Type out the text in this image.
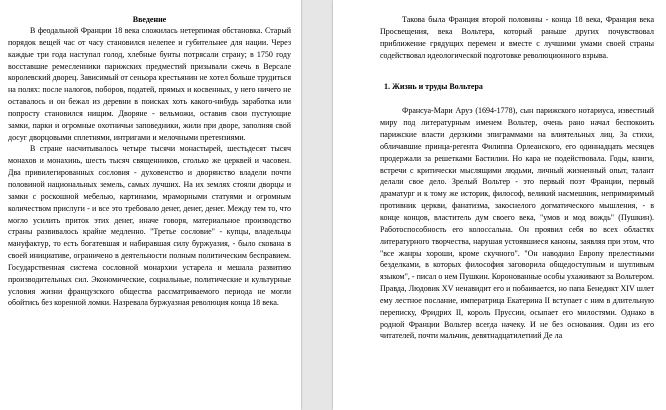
Введение

В феодальной Франции 18 века сложилась нетерпимая обстановка. Старый порядок вещей час от часу становился нелепее и губительнее для нации. Через каждые три года наступал голод, хлебные бунты потрясали страну; в 1750 году восставшие ремесленники парижских предместий призывали сжечь в Версале королевский дворец. Зависимый от сеньора крестьянин не хотел больше трудиться на полях: после налогов, поборов, податей, прямых и косвенных, у него ничего не оставалось и он бежал из деревни в поисках хоть какого-нибудь заработка или попросту становился нищим. Дворяне - вельможи, оставив свои пустующие замки, парки и огромные охотничьи заповедники, жили при дворе, заполняя свой досуг дворцовыми сплетнями, интригами и мелочными претензиями.

В стране насчитывалось четыре тысячи монастырей, шестьдесят тысяч монахов и монахинь, шесть тысяч священников, столько же церквей и часовен. Два привилегированных сословия - духовенство и дворянство владели почти половиной национальных земель, самых лучших. На их землях стояли дворцы и замки с роскошной мебелью, картинами, мраморными статуями и огромным количеством прислуги - и все это требовало денег, денег, денег. Между тем то, что могло усилить приток этих денег, иначе говоря, материальное производство страны развивалось крайне медленно. "Третье сословие" - купцы, владельцы мануфактур, то есть богатевшая и набиравшая силу буржуазия, - было скована в своей инициативе, ограничено в деятельности полным политическим бесправием. Государственная система сословной монархии устарела и мешала развитию производительных сил. Экономические, социальные, политические и культурные условия жизни французского общества рассматриваемого периода не могли обойтись без коренной ломки. Назревала буржуазная революция конца 18 века.

Такова была Франция второй половины - конца 18 века, Франция века Просвещения, века Вольтера, который раньше других почувствовал приближение грядущих перемен и вместе с лучшими умами своей страны содействовал идеологической подготовке революционного взрыва.

1. Жизнь и труды Вольтера

Франсуа-Мари Аруэ (1694-1778), сын парижского нотариуса, известный миру под литературным именем Вольтер, очень рано начал беспокоить парижские власти дерзкими эпиграммами на влиятельных лиц. За стихи, обличавшие принца-регента Филиппа Орлеанского, его одиннадцать месяцев продержали за решетками Бастилии. Но кара не подействовала. Годы, книги, встречи с критически мыслящими людьми, личный жизненный опыт, талант делали свое дело. Зрелый Вольтер - это первый поэт Франции, первый драматург и к тому же историк, философ, великий насмешник, непримиримый противник церкви, фанатизма, закоснелого догматического мышления, - в конце концов, властитель дум своего века, "умов и мод вождь" (Пушкин). Работоспособность его колоссальна. Он проявил себя во всех областях литературного творчества, нарушая устоявшиеся каноны, заявляя при этом, что "все жанры хороши, кроме скучного". "Он наводнил Европу прелестными безделками, в которых философия заговорила общедоступным и шутливым языком", - писал о нем Пушкин. Коронованные особы ухаживают за Вольтером. Правда, Людовик XV ненавидит его и побаивается, но папа Бенедикт XIV шлет ему лестное послание, императрица Екатерина II вступает с ним в длительную переписку, Фридрих II, король Пруссии, осыпает его милостями. Однако в родной Франции Вольтер всегда начеку. И не без основания. Один из его читателей, почти мальчик, девятнадцатилетний Де ла
